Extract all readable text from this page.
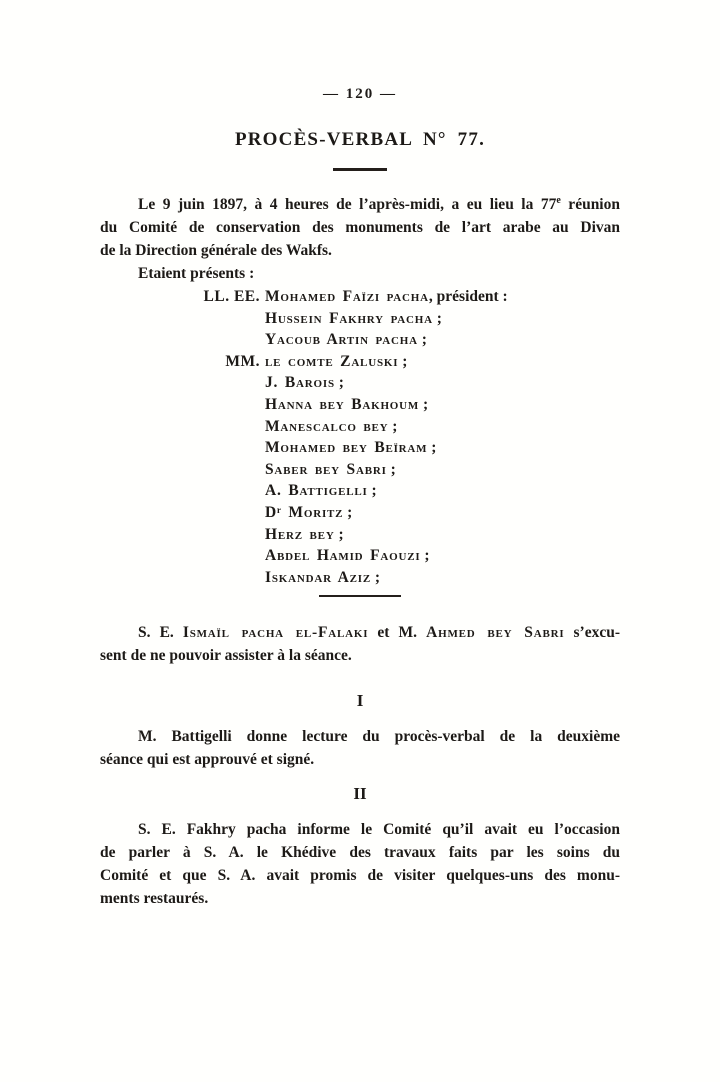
— 120 —
PROCÈS-VERBAL N° 77.
Le 9 juin 1897, à 4 heures de l’après-midi, a eu lieu la 77e réunion
du Comité de conservation des monuments de l’art arabe au Divan
de la Direction générale des Wakfs.
Etaient présents :
LL. EE. Mohamed Faïzi pacha, président :
Hussein Fakhry pacha ;
Yacoub Artin pacha ;
MM. le comte Zaluski ;
J. Barois ;
Hanna bey Bakhoum ;
Manescalco bey ;
Mohamed bey Beïram ;
Saber bey Sabri ;
A. Battigelli ;
Dʳ Moritz ;
Herz bey ;
Abdel Hamid Faouzi ;
Iskandar Aziz ;
S. E. Ismaïl pacha el-Falaki et M. Ahmed bey Sabri s’excu-
sent de ne pouvoir assister à la séance.
I
M. Battigelli donne lecture du procès-verbal de la deuxième
séance qui est approuvé et signé.
II
S. E. Fakhry pacha informe le Comité qu’il avait eu l’occasion
de parler à S. A. le Khédive des travaux faits par les soins du
Comité et que S. A. avait promis de visiter quelques-uns des monu-
ments restaurés.
